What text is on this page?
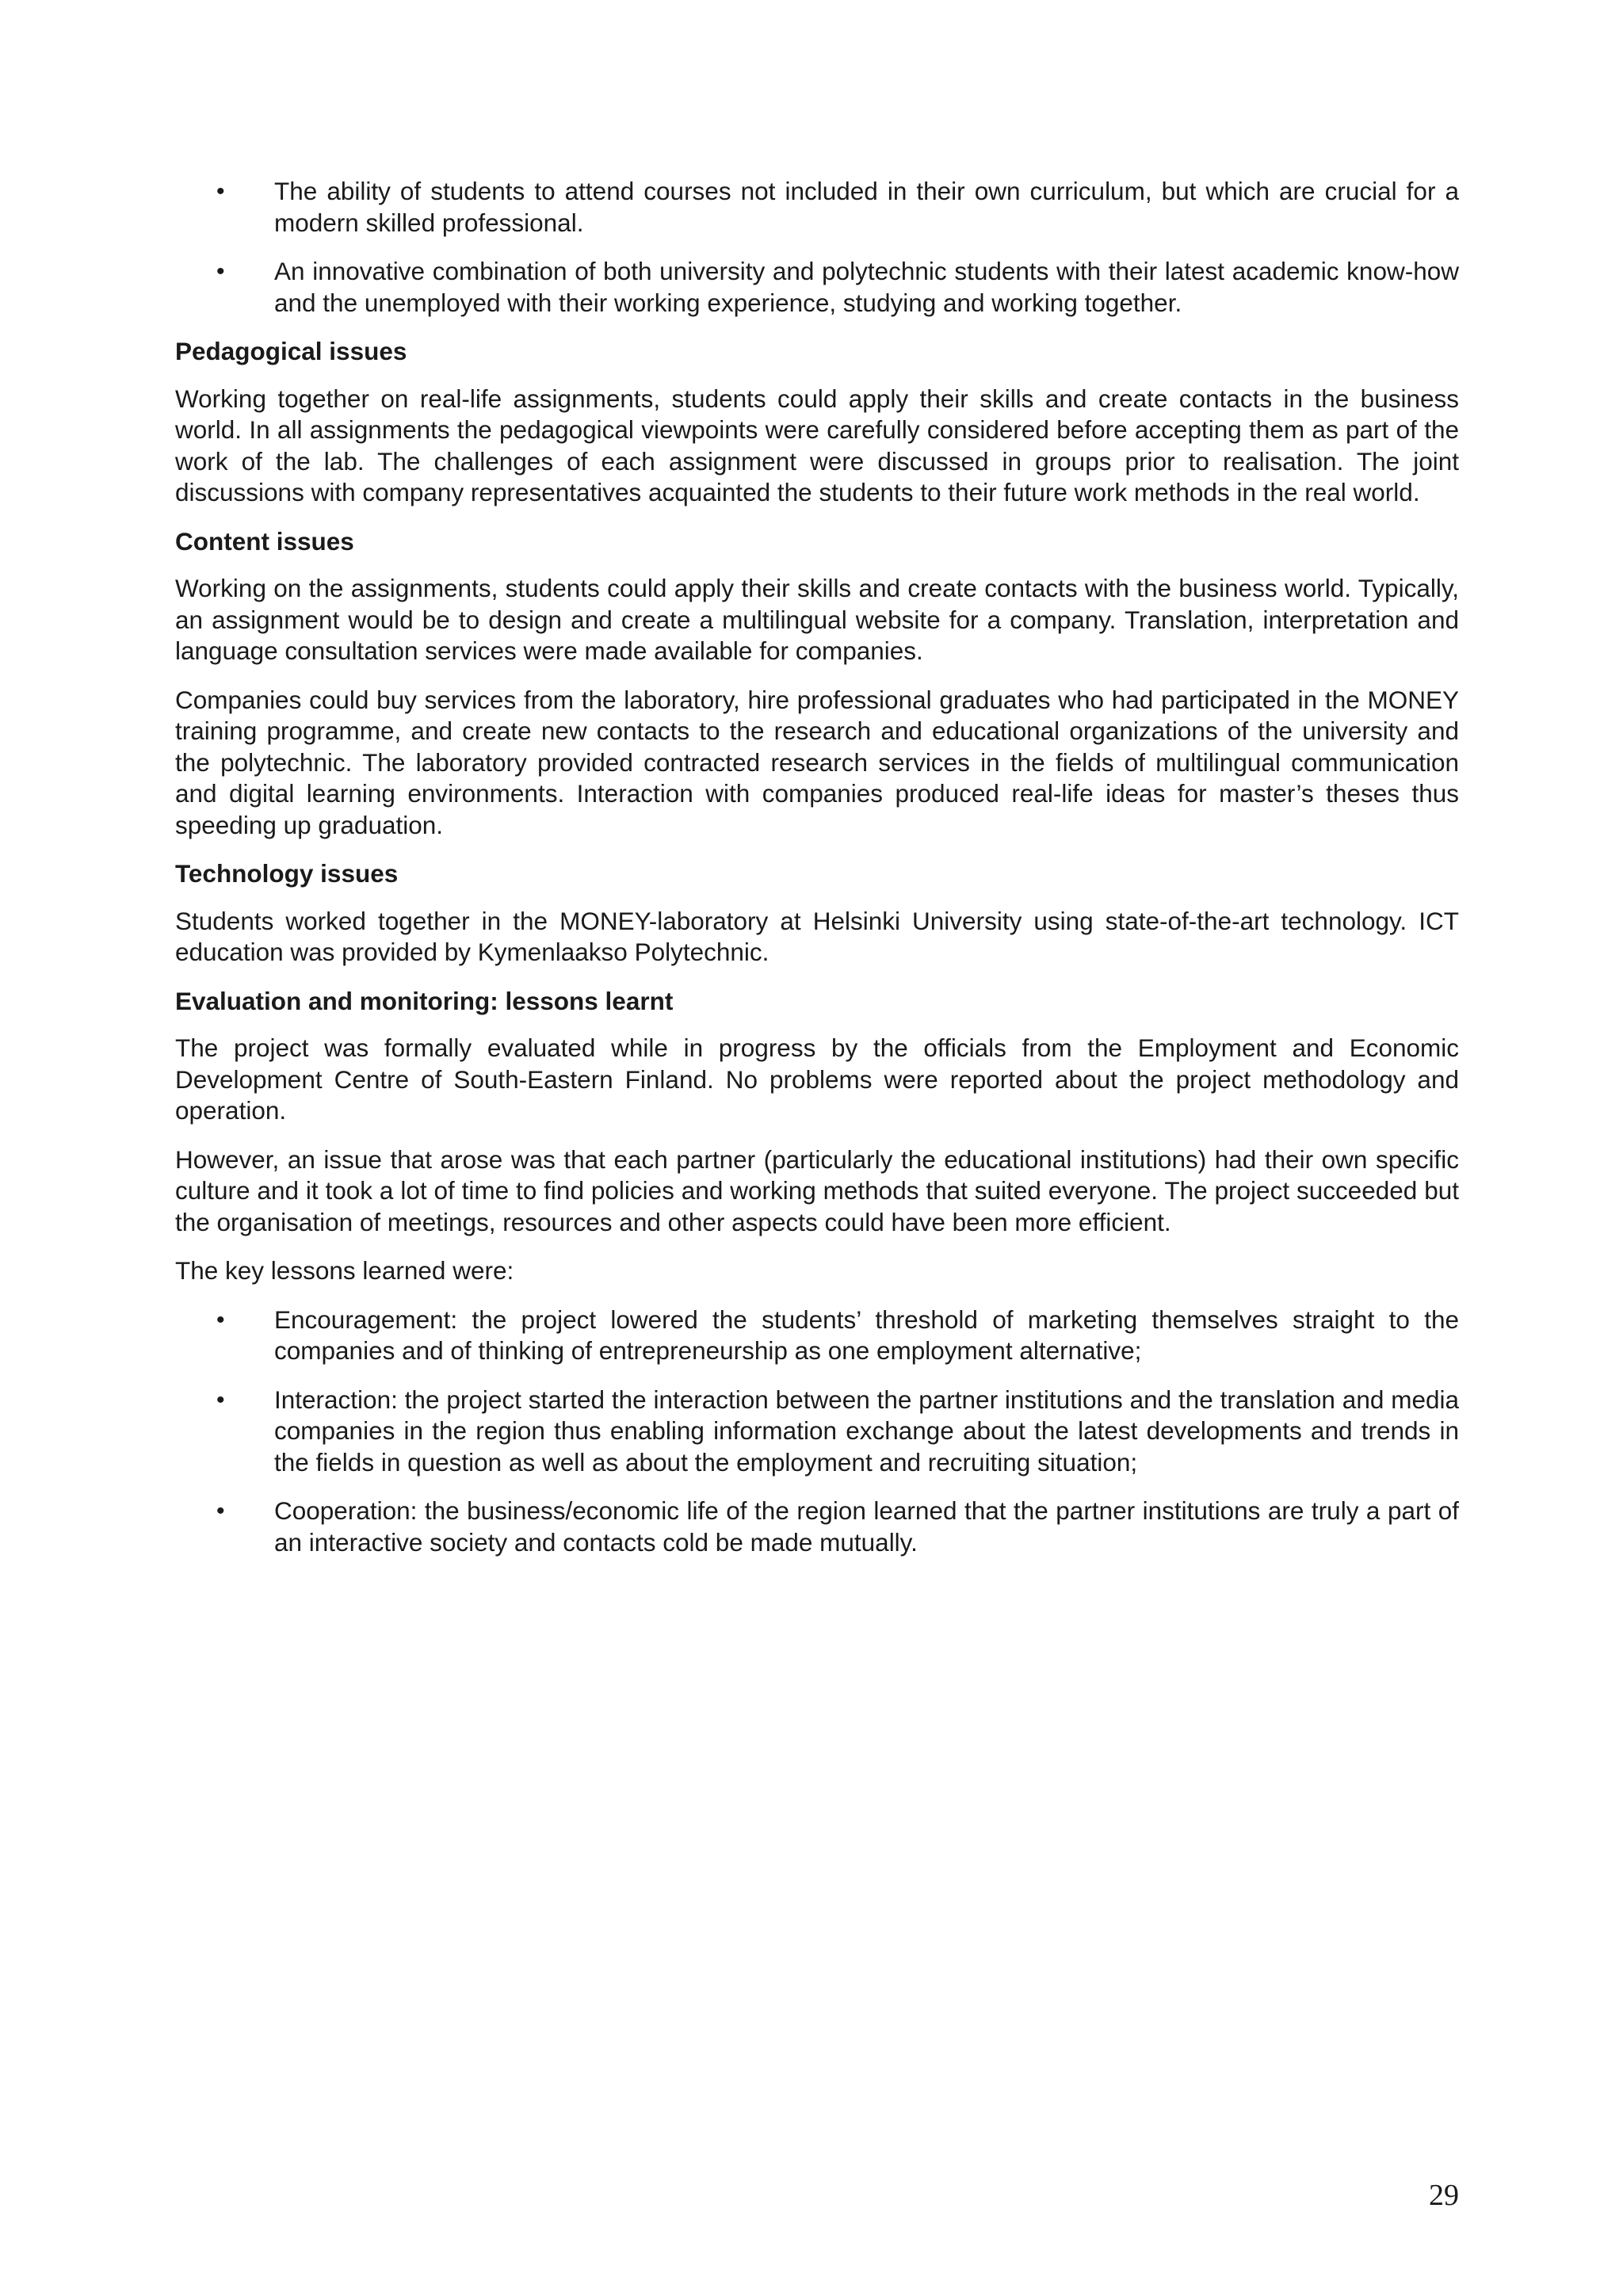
• The ability of students to attend courses not included in their own curriculum, but which are crucial for a modern skilled professional.
• An innovative combination of both university and polytechnic students with their latest academic know-how and the unemployed with their working experience, studying and working together.
Pedagogical issues

Working together on real-life assignments, students could apply their skills and create contacts in the business world. In all assignments the pedagogical viewpoints were carefully considered before accepting them as part of the work of the lab. The challenges of each assignment were discussed in groups prior to realisation. The joint discussions with company representatives acquainted the students to their future work methods in the real world.

Content issues

Working on the assignments, students could apply their skills and create contacts with the business world. Typically, an assignment would be to design and create a multilingual website for a company. Translation, interpretation and language consultation services were made available for companies.

Companies could buy services from the laboratory, hire professional graduates who had participated in the MONEY training programme, and create new contacts to the research and educational organizations of the university and the polytechnic. The laboratory provided contracted research services in the fields of multilingual communication and digital learning environments. Interaction with companies produced real-life ideas for master’s theses thus speeding up graduation.

Technology issues

Students worked together in the MONEY-laboratory at Helsinki University using state-of-the-art technology. ICT education was provided by Kymenlaakso Polytechnic.

Evaluation and monitoring: lessons learnt

The project was formally evaluated while in progress by the officials from the Employment and Economic Development Centre of South-Eastern Finland. No problems were reported about the project methodology and operation.

However, an issue that arose was that each partner (particularly the educational institutions) had their own specific culture and it took a lot of time to find policies and working methods that suited everyone. The project succeeded but the organisation of meetings, resources and other aspects could have been more efficient.

The key lessons learned were:

• Encouragement: the project lowered the students’ threshold of marketing themselves straight to the companies and of thinking of entrepreneurship as one employment alternative;
• Interaction: the project started the interaction between the partner institutions and the translation and media companies in the region thus enabling information exchange about the latest developments and trends in the fields in question as well as about the employment and recruiting situation;
• Cooperation: the business/economic life of the region learned that the partner institutions are truly a part of an interactive society and contacts cold be made mutually.
29
